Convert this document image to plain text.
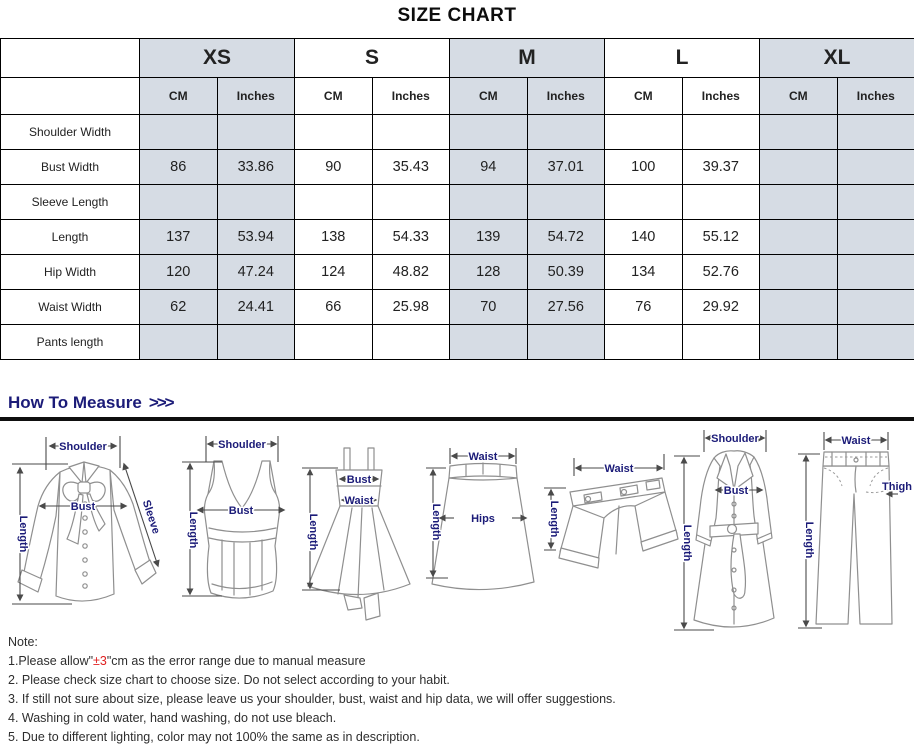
SIZE CHART
	XS		S		M		L		XL	
	CM	Inches	CM	Inches	CM	Inches	CM	Inches	CM	Inches
Shoulder Width										
Bust Width	86	33.86	90	35.43	94	37.01	100	39.37		
Sleeve Length										
Length	137	53.94	138	54.33	139	54.72	140	55.12		
Hip Width	120	47.24	124	48.82	128	50.39	134	52.76		
Waist Width	62	24.41	66	25.98	70	27.56	76	29.92		
Pants length										
How To Measure >>>
Shoulder
Length
Bust	Sleeve
Shoulder
Length
Bust
Length
Bust
Waist
Waist
Length	Hips
Waist
Length
Shoulder
Length
Bust
Waist
Length
Thigh
Note:
1.Please allow"±3"cm as the error range due to manual measure
2. Please check size chart to choose size. Do not select according to your habit.
3. If still not sure about size, please leave us your shoulder, bust, waist and hip data, we will offer suggestions.
4. Washing in cold water, hand washing, do not use bleach.
5. Due to different lighting, color may not 100% the same as in description.
